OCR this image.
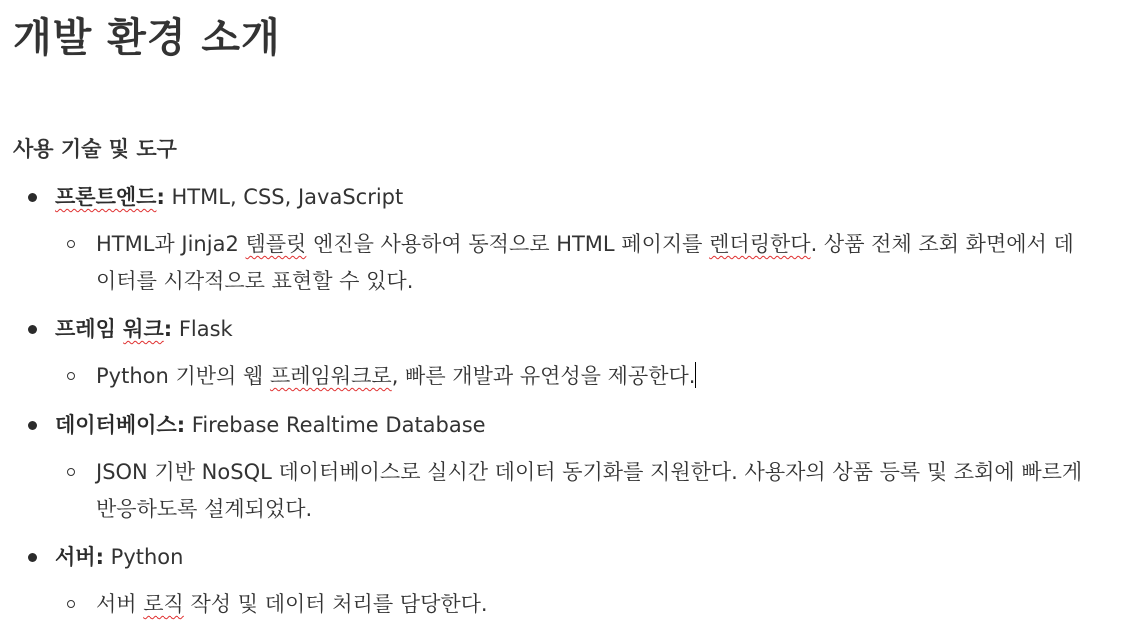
개발 환경 소개
사용 기술 및 도구
프론트엔드: HTML, CSS, JavaScript
HTML과 Jinja2 템플릿 엔진을 사용하여 동적으로 HTML 페이지를 렌더링한다. 상품 전체 조회 화면에서 데이터를 시각적으로 표현할 수 있다.
프레임 워크: Flask
Python 기반의 웹 프레임워크로, 빠른 개발과 유연성을 제공한다.
데이터베이스: Firebase Realtime Database
JSON 기반 NoSQL 데이터베이스로 실시간 데이터 동기화를 지원한다. 사용자의 상품 등록 및 조회에 빠르게 반응하도록 설계되었다.
서버: Python
서버 로직 작성 및 데이터 처리를 담당한다.
